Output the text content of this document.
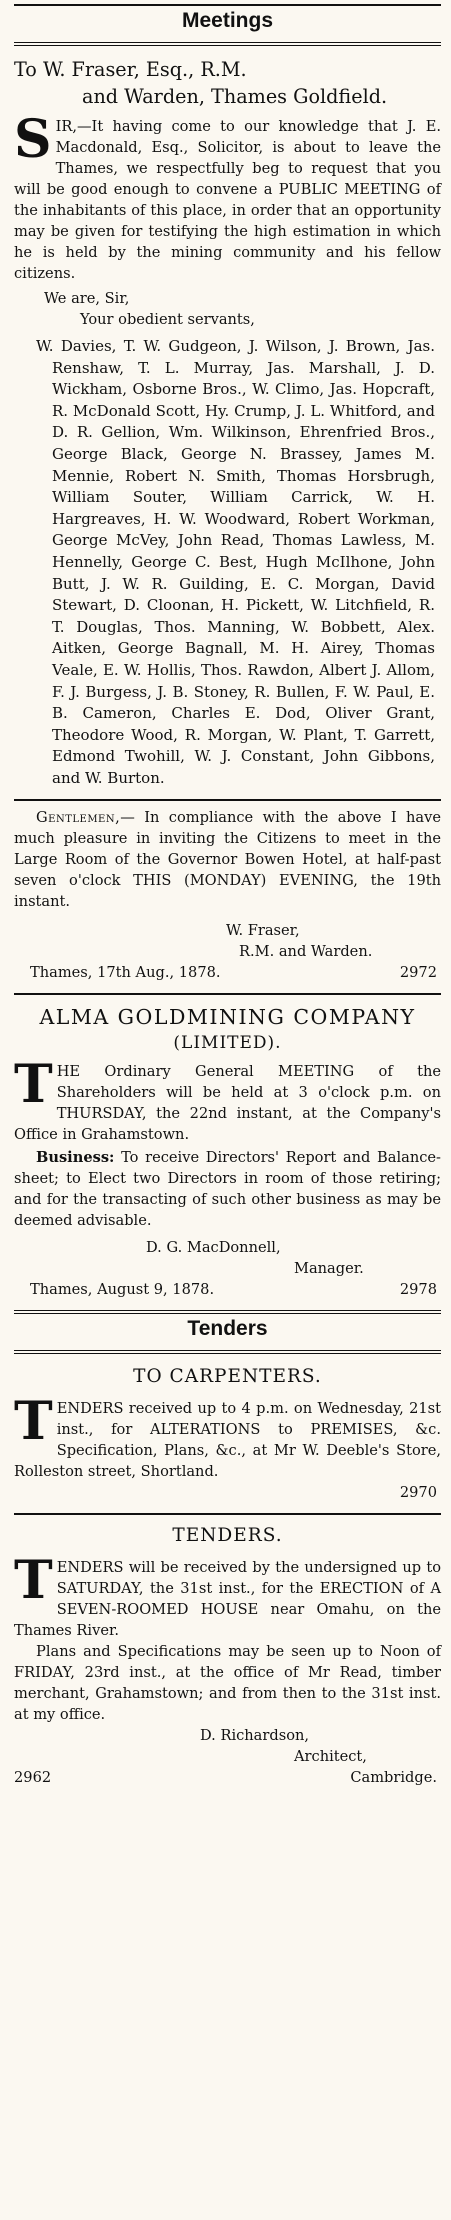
Meetings

To W. Fraser, Esq., R.M.

and Warden, Thames Goldfield.

SIR,—It having come to our knowledge that J. E. Macdonald, Esq., Solicitor, is about to leave the Thames, we respectfully beg to request that you will be good enough to convene a PUBLIC MEETING of the inhabitants of this place, in order that an opportunity may be given for testifying the high estimation in which he is held by the mining community and his fellow citizens.

We are, Sir,

Your obedient servants,

W. Davies, T. W. Gudgeon, J. Wilson, J. Brown, Jas. Renshaw, T. L. Murray, Jas. Marshall, J. D. Wickham, Osborne Bros., W. Climo, Jas. Hopcraft, R. McDonald Scott, Hy. Crump, J. L. Whitford, and D. R. Gellion, Wm. Wilkinson, Ehrenfried Bros., George Black, George N. Brassey, James M. Mennie, Robert N. Smith, Thomas Horsbrugh, William Souter, William Carrick, W. H. Hargreaves, H. W. Woodward, Robert Workman, George McVey, John Read, Thomas Lawless, M. Hennelly, George C. Best, Hugh McIlhone, John Butt, J. W. R. Guilding, E. C. Morgan, David Stewart, D. Cloonan, H. Pickett, W. Litchfield, R. T. Douglas, Thos. Manning, W. Bobbett, Alex. Aitken, George Bagnall, M. H. Airey, Thomas Veale, E. W. Hollis, Thos. Rawdon, Albert J. Allom, F. J. Burgess, J. B. Stoney, R. Bullen, F. W. Paul, E. B. Cameron, Charles E. Dod, Oliver Grant, Theodore Wood, R. Morgan, W. Plant, T. Garrett, Edmond Twohill, W. J. Constant, John Gibbons, and W. Burton.

Gentlemen,— In compliance with the above I have much pleasure in inviting the Citizens to meet in the Large Room of the Governor Bowen Hotel, at half-past seven o'clock THIS (MONDAY) EVENING, the 19th instant.

W. Fraser,

R.M. and Warden.

Thames, 17th Aug., 1878.	2972
ALMA GOLDMINING COMPANY
(LIMITED).

THE Ordinary General MEETING of the Shareholders will be held at 3 o'clock p.m. on THURSDAY, the 22nd instant, at the Company's Office in Grahamstown.

Business: To receive Directors' Report and Balance-sheet; to Elect two Directors in room of those retiring; and for the transacting of such other business as may be deemed advisable.

D. G. MacDonnell,

Manager.

Thames, August 9, 1878.	2978
Tenders
TO CARPENTERS.

TENDERS received up to 4 p.m. on Wednesday, 21st inst., for ALTERATIONS to PREMISES, &c. Specification, Plans, &c., at Mr W. Deeble's Store, Rolleston street, Shortland.

2970

TENDERS.

TENDERS will be received by the undersigned up to SATURDAY, the 31st inst., for the ERECTION of A SEVEN-ROOMED HOUSE near Omahu, on the Thames River.

Plans and Specifications may be seen up to Noon of FRIDAY, 23rd inst., at the office of Mr Read, timber merchant, Grahamstown; and from then to the 31st inst. at my office.

D. Richardson,

Architect,

2962	Cambridge.
